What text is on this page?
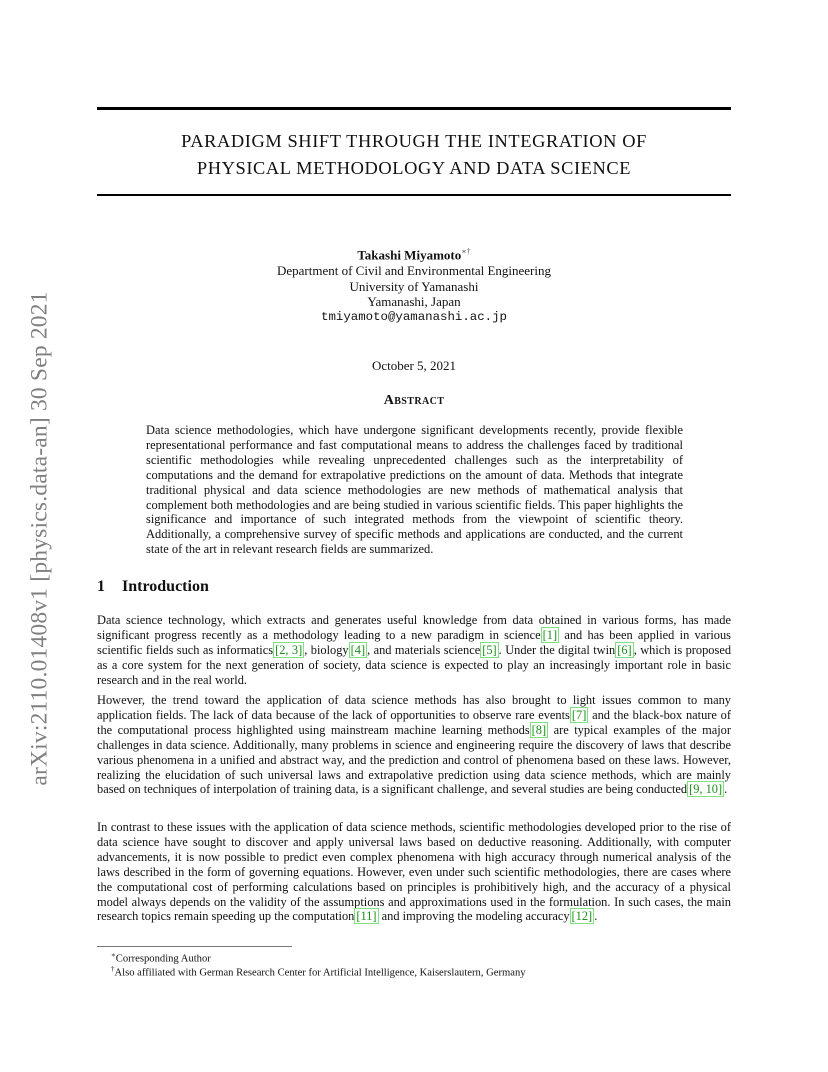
arXiv:2110.01408v1 [physics.data-an] 30 Sep 2021
PARADIGM SHIFT THROUGH THE INTEGRATION OF
PHYSICAL METHODOLOGY AND DATA SCIENCE
Takashi Miyamoto∗†
Department of Civil and Environmental Engineering
University of Yamanashi
Yamanashi, Japan
tmiyamoto@yamanashi.ac.jp
October 5, 2021
Abstract

Data science methodologies, which have undergone significant developments recently, provide flexible representational performance and fast computational means to address the challenges faced by traditional scientific methodologies while revealing unprecedented challenges such as the interpretability of computations and the demand for extrapolative predictions on the amount of data. Methods that integrate traditional physical and data science methodologies are new methods of mathematical analysis that complement both methodologies and are being studied in various scientific fields. This paper highlights the significance and importance of such integrated methods from the viewpoint of scientific theory. Additionally, a comprehensive survey of specific methods and applications are conducted, and the current state of the art in relevant research fields are summarized.

1 Introduction

Data science technology, which extracts and generates useful knowledge from data obtained in various forms, has made significant progress recently as a methodology leading to a new paradigm in science [1] and has been applied in various scientific fields such as informatics [2, 3] , biology [4] , and materials science [5] . Under the digital twin [6] , which is proposed as a core system for the next generation of society, data science is expected to play an increasingly important role in basic research and in the real world.

However, the trend toward the application of data science methods has also brought to light issues common to many application fields. The lack of data because of the lack of opportunities to observe rare events [7] and the black-box nature of the computational process highlighted using mainstream machine learning methods [8] are typical examples of the major challenges in data science. Additionally, many problems in science and engineering require the discovery of laws that describe various phenomena in a unified and abstract way, and the prediction and control of phenomena based on these laws. However, realizing the elucidation of such universal laws and extrapolative prediction using data science methods, which are mainly based on techniques of interpolation of training data, is a significant challenge, and several studies are being conducted [9, 10] .

In contrast to these issues with the application of data science methods, scientific methodologies developed prior to the rise of data science have sought to discover and apply universal laws based on deductive reasoning. Additionally, with computer advancements, it is now possible to predict even complex phenomena with high accuracy through numerical analysis of the laws described in the form of governing equations. However, even under such scientific methodologies, there are cases where the computational cost of performing calculations based on principles is prohibitively high, and the accuracy of a physical model always depends on the validity of the assumptions and approximations used in the formulation. In such cases, the main research topics remain speeding up the computation [11] and improving the modeling accuracy [12] .

∗Corresponding Author
†Also affiliated with German Research Center for Artificial Intelligence, Kaiserslautern, Germany
